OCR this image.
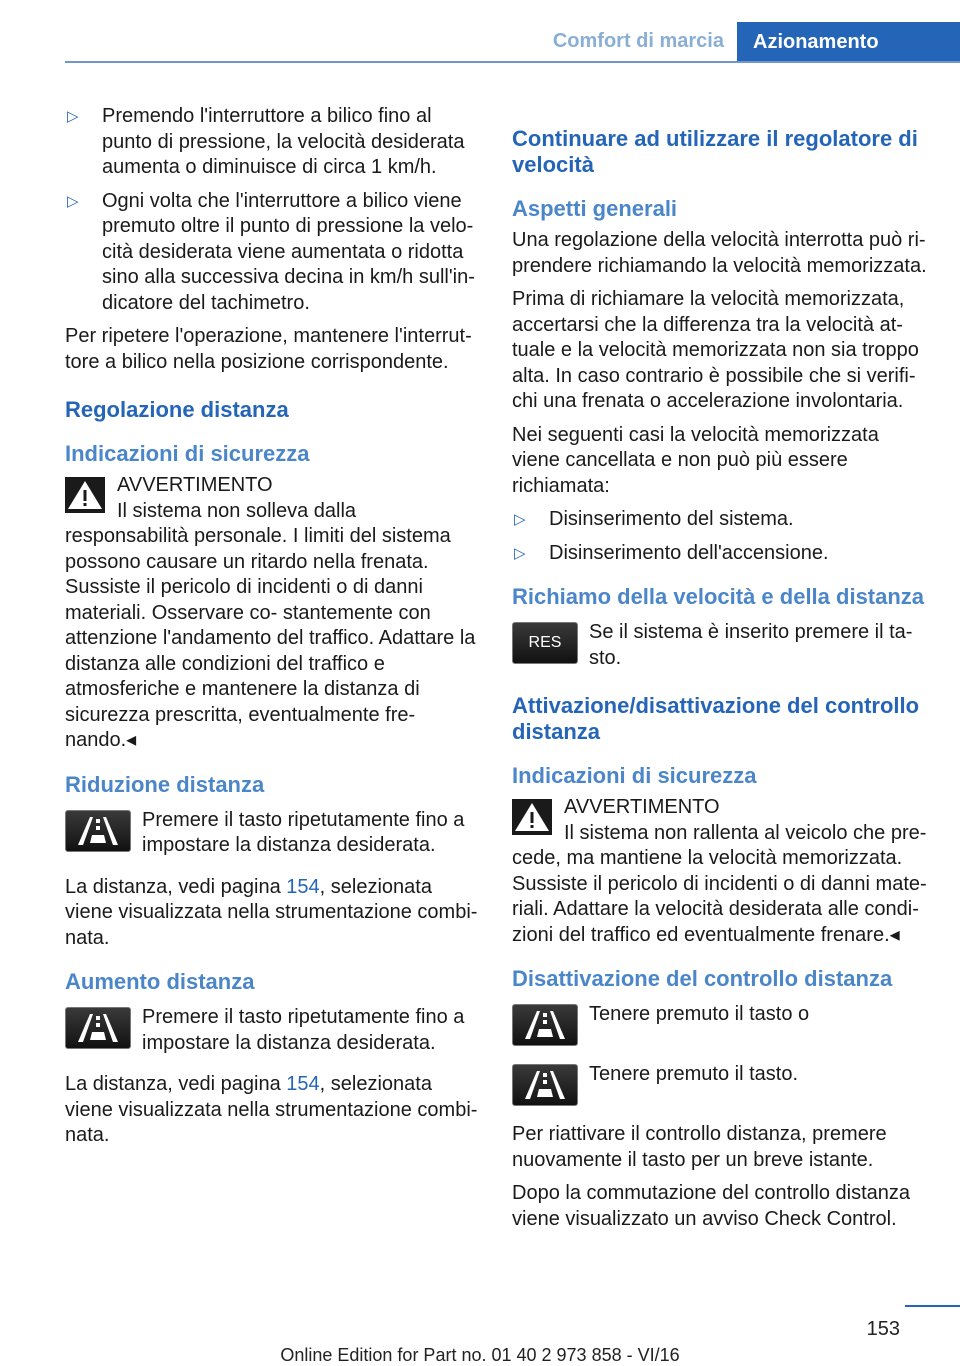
Comfort di marcia	Azionamento
▷	Premendo l'interruttore a bilico fino al punto di pressione, la velocità desiderata aumenta o diminuisce di circa 1 km/h.
▷	Ogni volta che l'interruttore a bilico viene premuto oltre il punto di pressione la velo‐ cità desiderata viene aumentata o ridotta sino alla successiva decina in km/h sull'in‐ dicatore del tachimetro.

Per ripetere l'operazione, mantenere l'interrut‐ tore a bilico nella posizione corrispondente.

Regolazione distanza
Indicazioni di sicurezza
AVVERTIMENTO
Il sistema non solleva dalla responsabilità personale. I limiti del sistema possono causare un ritardo nella frenata. Sussiste il pericolo di incidenti o di danni materiali. Osservare co‐ stantemente con attenzione l'andamento del traffico. Adattare la distanza alle condizioni del traffico e atmosferiche e mantenere la distanza di sicurezza prescritta, eventualmente fre‐ nando.◂
Riduzione distanza
Premere il tasto ripetutamente fino a impostare la distanza desiderata.

La distanza, vedi pagina 154, selezionata viene visualizzata nella strumentazione combi‐ nata.

Aumento distanza
Premere il tasto ripetutamente fino a impostare la distanza desiderata.

La distanza, vedi pagina 154, selezionata viene visualizzata nella strumentazione combi‐ nata.

Continuare ad utilizzare il regolatore di velocità
Aspetti generali

Una regolazione della velocità interrotta può ri‐ prendere richiamando la velocità memorizzata.

Prima di richiamare la velocità memorizzata, accertarsi che la differenza tra la velocità at‐ tuale e la velocità memorizzata non sia troppo alta. In caso contrario è possibile che si verifi‐ chi una frenata o accelerazione involontaria.

Nei seguenti casi la velocità memorizzata viene cancellata e non può più essere richiamata:

▷	Disinserimento del sistema.
▷	Disinserimento dell'accensione.
Richiamo della velocità e della distanza
RES Se il sistema è inserito premere il ta‐ sto.
Attivazione/disattivazione del controllo distanza
Indicazioni di sicurezza
AVVERTIMENTO
Il sistema non rallenta al veicolo che pre‐ cede, ma mantiene la velocità memorizzata. Sussiste il pericolo di incidenti o di danni mate‐ riali. Adattare la velocità desiderata alle condi‐ zioni del traffico ed eventualmente frenare.◂
Disattivazione del controllo distanza
Tenere premuto il tasto o
Tenere premuto il tasto.

Per riattivare il controllo distanza, premere nuovamente il tasto per un breve istante.

Dopo la commutazione del controllo distanza viene visualizzato un avviso Check Control.

153
Online Edition for Part no. 01 40 2 973 858 - VI/16
